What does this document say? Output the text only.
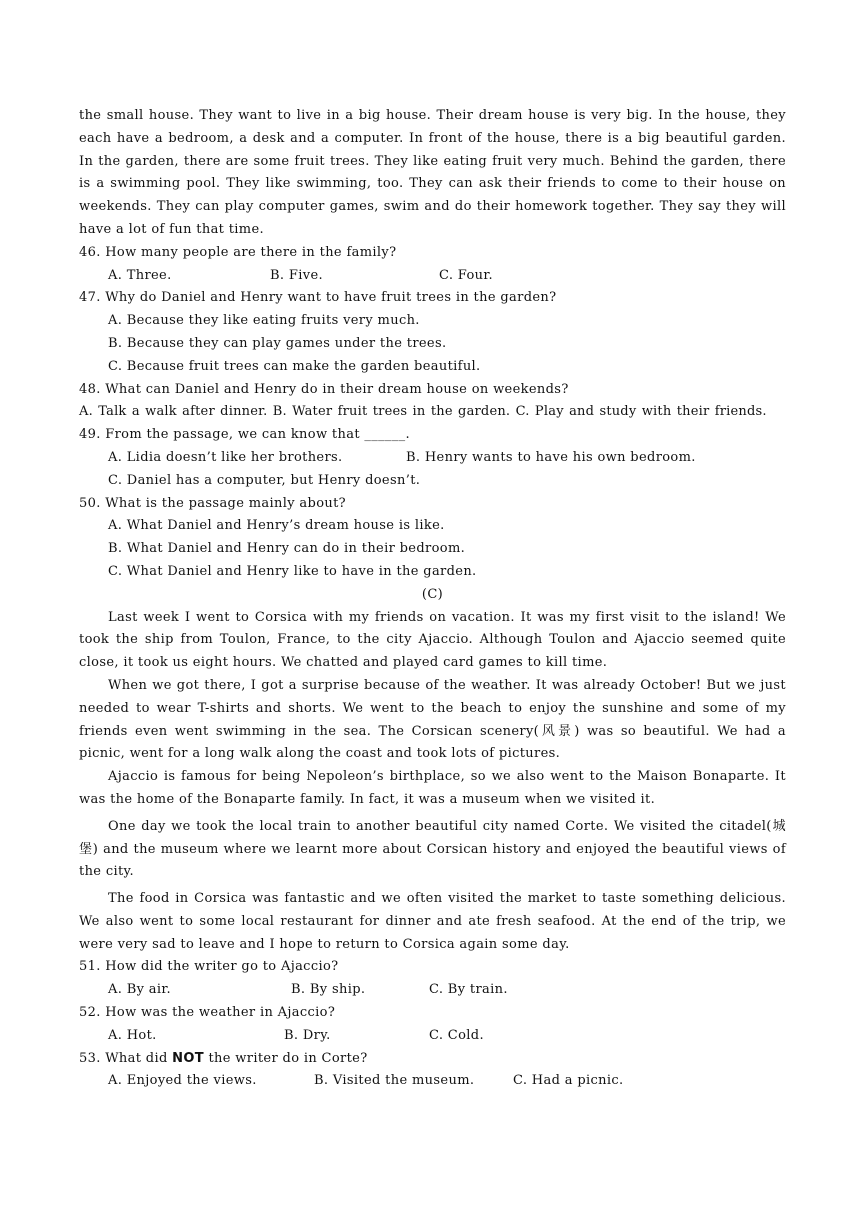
the small house. They want to live in a big house. Their dream house is very big. In the house, they each have a bedroom, a desk and a computer. In front of the house, there is a big beautiful garden. In the garden, there are some fruit trees. They like eating fruit very much. Behind the garden, there is a swimming pool. They like swimming, too. They can ask their friends to come to their house on weekends. They can play computer games, swim and do their homework together. They say they will have a lot of fun that time.

46. How many people are there in the family?

A. Three.	B. Five.	C. Four.

47. Why do Daniel and Henry want to have fruit trees in the garden?

A. Because they like eating fruits very much.

B. Because they can play games under the trees.

C. Because fruit trees can make the garden beautiful.

48. What can Daniel and Henry do in their dream house on weekends?

A. Talk a walk after dinner. B. Water fruit trees in the garden. C. Play and study with their friends.

49. From the passage, we can know that ______.

A. Lidia doesn’t like her brothers.	B. Henry wants to have his own bedroom.

C. Daniel has a computer, but Henry doesn’t.

50. What is the passage mainly about?

A. What Daniel and Henry’s dream house is like.

B. What Daniel and Henry can do in their bedroom.

C. What Daniel and Henry like to have in the garden.

(C)

Last week I went to Corsica with my friends on vacation. It was my first visit to the island! We took the ship from Toulon, France, to the city Ajaccio. Although Toulon and Ajaccio seemed quite close, it took us eight hours. We chatted and played card games to kill time.

When we got there, I got a surprise because of the weather. It was already October! But we just needed to wear T-shirts and shorts. We went to the beach to enjoy the sunshine and some of my friends even went swimming in the sea. The Corsican scenery(风景) was so beautiful. We had a picnic, went for a long walk along the coast and took lots of pictures.

Ajaccio is famous for being Nepoleon’s birthplace, so we also went to the Maison Bonaparte. It was the home of the Bonaparte family. In fact, it was a museum when we visited it.

One day we took the local train to another beautiful city named Corte. We visited the citadel(城堡) and the museum where we learnt more about Corsican history and enjoyed the beautiful views of the city.

The food in Corsica was fantastic and we often visited the market to taste something delicious. We also went to some local restaurant for dinner and ate fresh seafood. At the end of the trip, we were very sad to leave and I hope to return to Corsica again some day.

51. How did the writer go to Ajaccio?

A. By air.	B. By ship.	C. By train.

52. How was the weather in Ajaccio?

A. Hot.	B. Dry.	C. Cold.

53. What did NOT the writer do in Corte?

A. Enjoyed the views.	B. Visited the museum.	C. Had a picnic.
